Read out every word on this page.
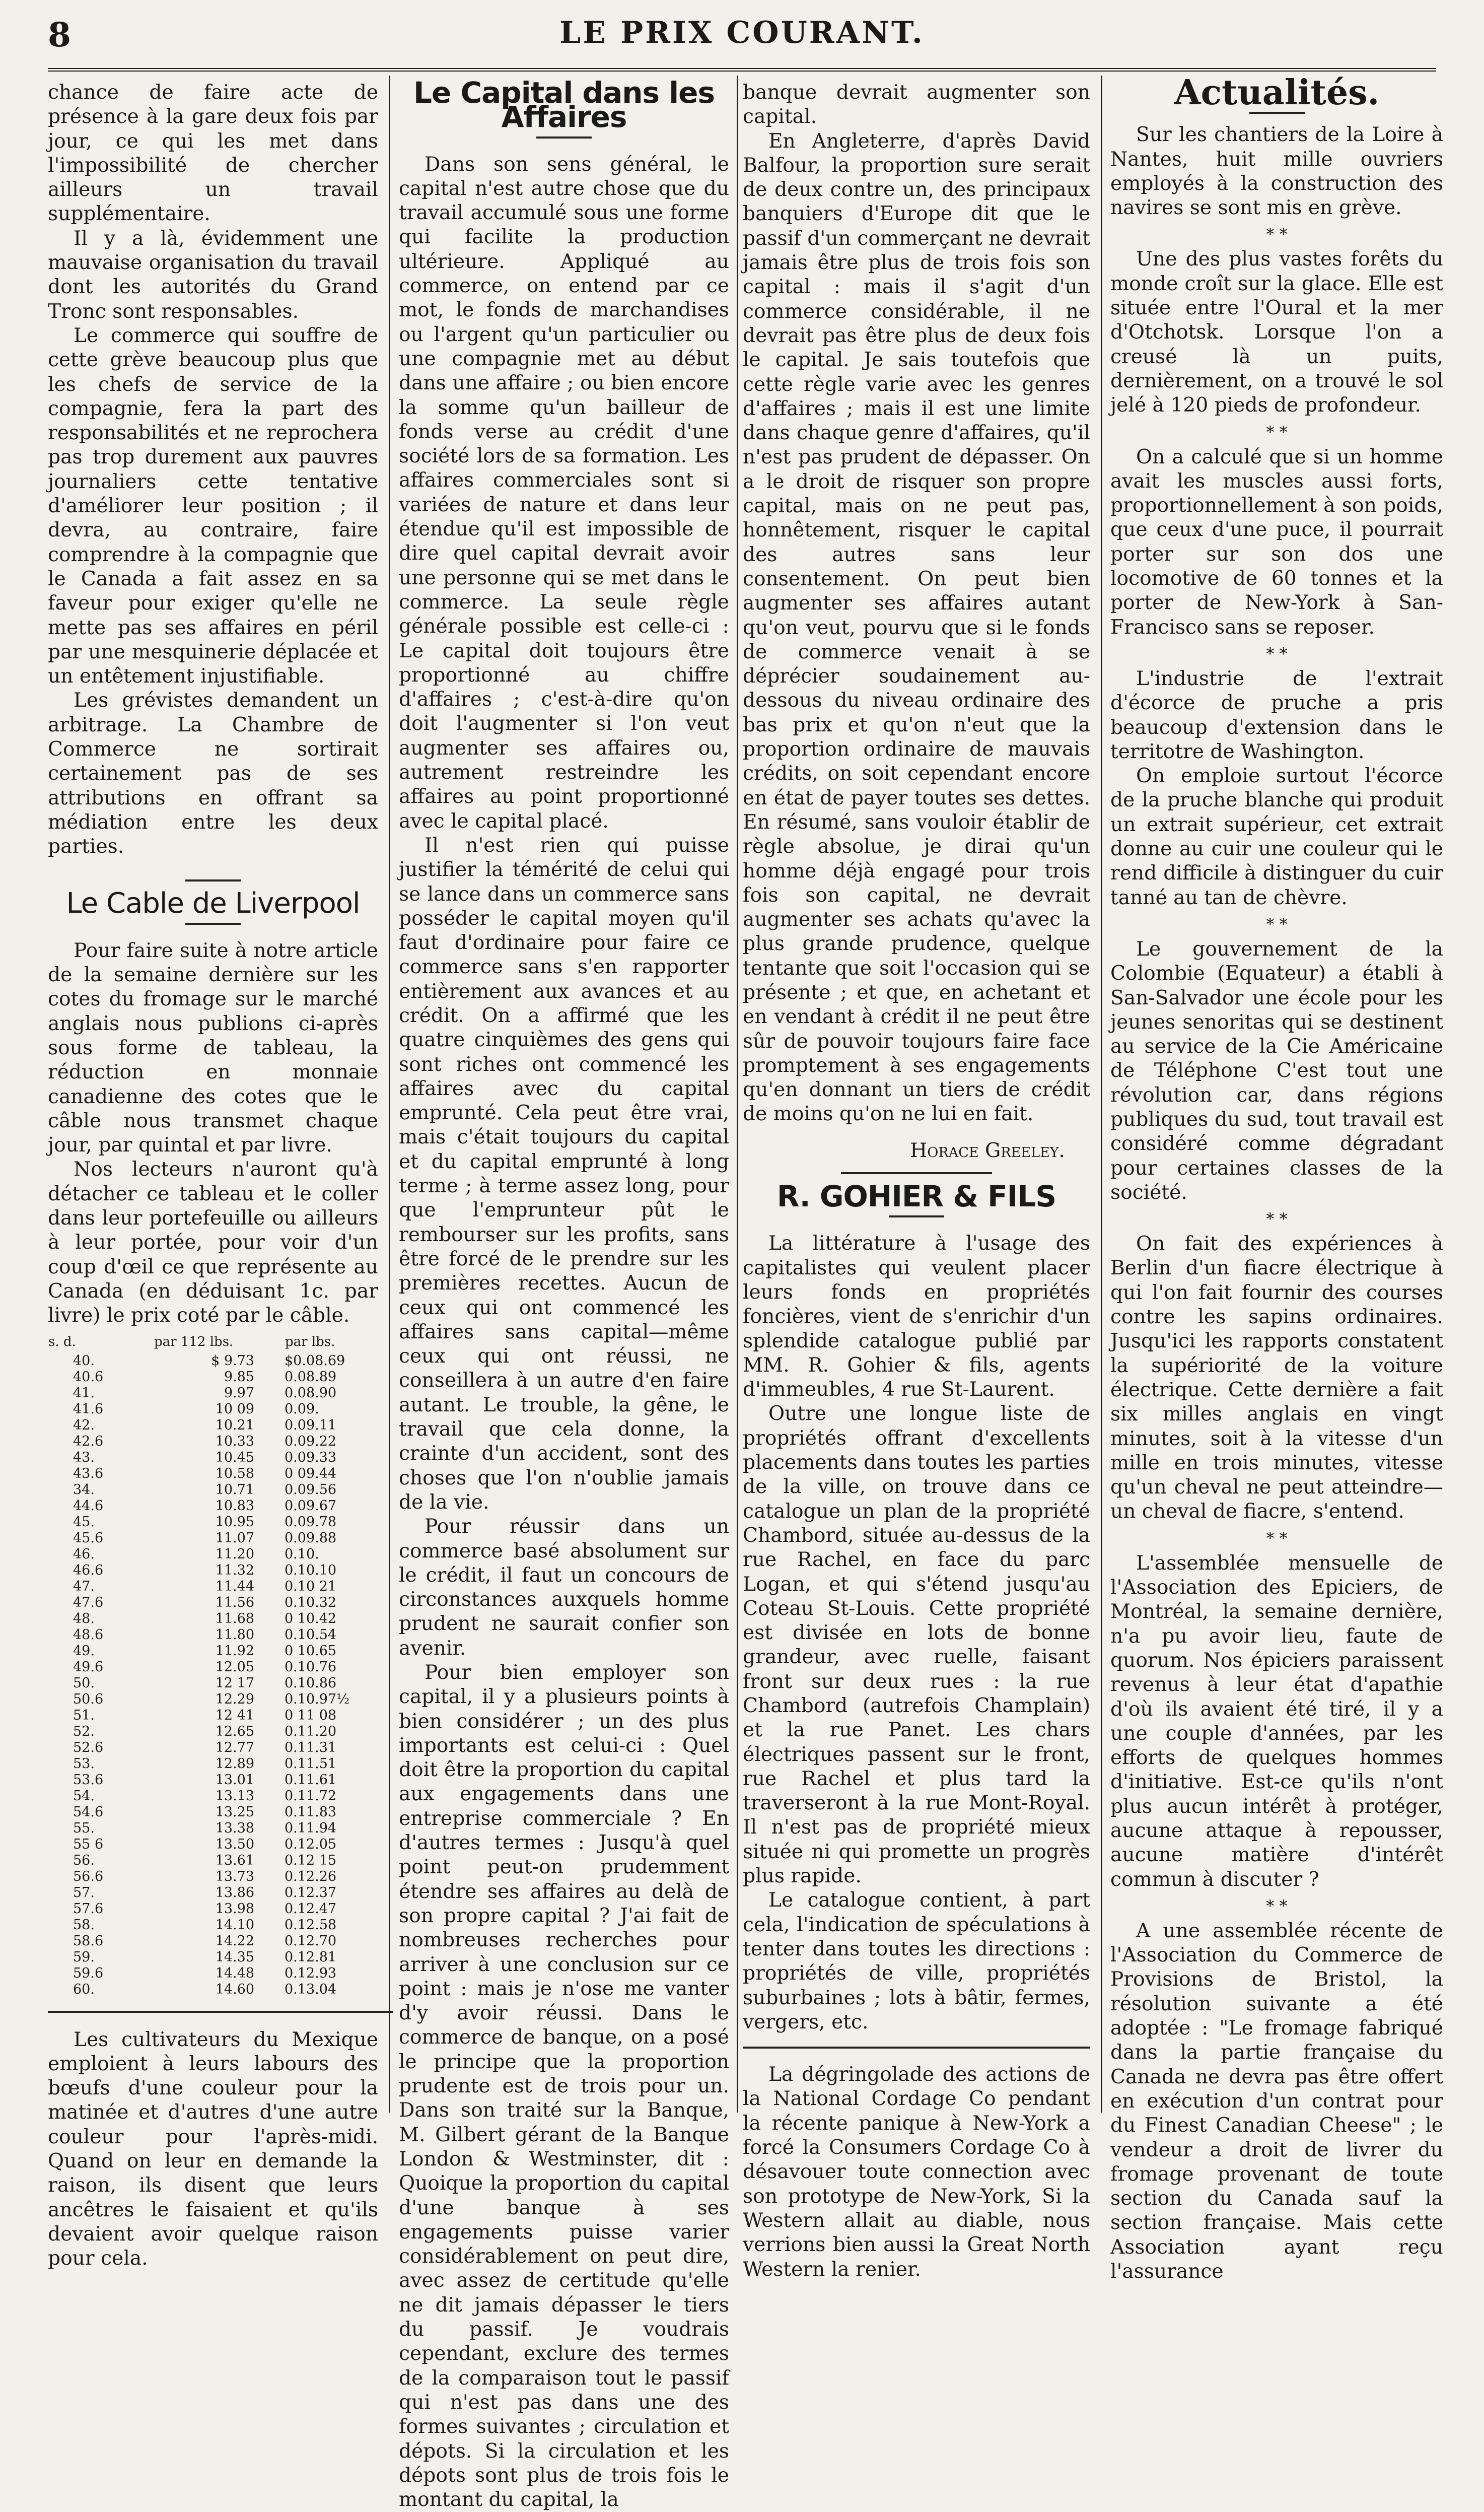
8	LE PRIX COURANT.

chance de faire acte de présence à la gare deux fois par jour, ce qui les met dans l'impossibilité de chercher ailleurs un travail supplémentaire.

Il y a là, évidemment une mauvaise organisation du travail dont les autorités du Grand Tronc sont responsables.

Le commerce qui souffre de cette grève beaucoup plus que les chefs de service de la compagnie, fera la part des responsabilités et ne reprochera pas trop durement aux pauvres journaliers cette tentative d'améliorer leur position ; il devra, au contraire, faire comprendre à la compagnie que le Canada a fait assez en sa faveur pour exiger qu'elle ne mette pas ses affaires en péril par une mesquinerie déplacée et un entêtement injustifiable.

Les grévistes demandent un arbitrage. La Chambre de Commerce ne sortirait certainement pas de ses attributions en offrant sa médiation entre les deux parties.

Le Cable de Liverpool

Pour faire suite à notre article de la semaine dernière sur les cotes du fromage sur le marché anglais nous publions ci-après sous forme de tableau, la réduction en monnaie canadienne des cotes que le câble nous transmet chaque jour, par quintal et par livre.

Nos lecteurs n'auront qu'à détacher ce tableau et le coller dans leur portefeuille ou ailleurs à leur portée, pour voir d'un coup d'œil ce que représente au Canada (en déduisant 1c. par livre) le prix coté par le câble.

s. d.	par 112 lbs.	par lbs.
40.	$ 9.73	$0.08.69
40.6	9.85	0.08.89
41.	9.97	0.08.90
41.6	10 09	0.09.
42.	10.21	0.09.11
42.6	10.33	0.09.22
43.	10.45	0.09.33
43.6	10.58	0 09.44
34.	10.71	0.09.56
44.6	10.83	0.09.67
45.	10.95	0.09.78
45.6	11.07	0.09.88
46.	11.20	0.10.
46.6	11.32	0.10.10
47.	11.44	0.10 21
47.6	11.56	0.10.32
48.	11.68	0 10.42
48.6	11.80	0.10.54
49.	11.92	0 10.65
49.6	12.05	0.10.76
50.	12 17	0.10.86
50.6	12.29	0.10.97½
51.	12 41	0 11 08
52.	12.65	0.11.20
52.6	12.77	0.11.31
53.	12.89	0.11.51
53.6	13.01	0.11.61
54.	13.13	0.11.72
54.6	13.25	0.11.83
55.	13.38	0.11.94
55 6	13.50	0.12.05
56.	13.61	0.12 15
56.6	13.73	0.12.26
57.	13.86	0.12.37
57.6	13.98	0.12.47
58.	14.10	0.12.58
58.6	14.22	0.12.70
59.	14.35	0.12.81
59.6	14.48	0.12.93
60.	14.60	0.13.04

Les cultivateurs du Mexique emploient à leurs labours des bœufs d'une couleur pour la matinée et d'autres d'une autre couleur pour l'après-midi. Quand on leur en demande la raison, ils disent que leurs ancêtres le faisaient et qu'ils devaient avoir quelque raison pour cela.

Le Capital dans les Affaires

Dans son sens général, le capital n'est autre chose que du travail accumulé sous une forme qui facilite la production ultérieure. Appliqué au commerce, on entend par ce mot, le fonds de marchandises ou l'argent qu'un particulier ou une compagnie met au début dans une affaire ; ou bien encore la somme qu'un bailleur de fonds verse au crédit d'une société lors de sa formation. Les affaires commerciales sont si variées de nature et dans leur étendue qu'il est impossible de dire quel capital devrait avoir une personne qui se met dans le commerce. La seule règle générale possible est celle-ci : Le capital doit toujours être proportionné au chiffre d'affaires ; c'est-à-dire qu'on doit l'augmenter si l'on veut augmenter ses affaires ou, autrement restreindre les affaires au point proportionné avec le capital placé.

Il n'est rien qui puisse justifier la témérité de celui qui se lance dans un commerce sans posséder le capital moyen qu'il faut d'ordinaire pour faire ce commerce sans s'en rapporter entièrement aux avances et au crédit. On a affirmé que les quatre cinquièmes des gens qui sont riches ont commencé les affaires avec du capital emprunté. Cela peut être vrai, mais c'était toujours du capital et du capital emprunté à long terme ; à terme assez long, pour que l'emprunteur pût le rembourser sur les profits, sans être forcé de le prendre sur les premières recettes. Aucun de ceux qui ont commencé les affaires sans capital—même ceux qui ont réussi, ne conseillera à un autre d'en faire autant. Le trouble, la gêne, le travail que cela donne, la crainte d'un accident, sont des choses que l'on n'oublie jamais de la vie.

Pour réussir dans un commerce basé absolument sur le crédit, il faut un concours de circonstances auxquels homme prudent ne saurait confier son avenir.

Pour bien employer son capital, il y a plusieurs points à bien considérer ; un des plus importants est celui-ci : Quel doit être la proportion du capital aux engagements dans une entreprise commerciale ? En d'autres termes : Jusqu'à quel point peut-on prudemment étendre ses affaires au delà de son propre capital ? J'ai fait de nombreuses recherches pour arriver à une conclusion sur ce point : mais je n'ose me vanter d'y avoir réussi. Dans le commerce de banque, on a posé le principe que la proportion prudente est de trois pour un. Dans son traité sur la Banque, M. Gilbert gérant de la Banque London & Westminster, dit : Quoique la proportion du capital d'une banque à ses engagements puisse varier considérablement on peut dire, avec assez de certitude qu'elle ne dit jamais dépasser le tiers du passif. Je voudrais cependant, exclure des termes de la comparaison tout le passif qui n'est pas dans une des formes suivantes ; circulation et dépots. Si la circulation et les dépots sont plus de trois fois le montant du capital, la

banque devrait augmenter son capital.

En Angleterre, d'après David Balfour, la proportion sure serait de deux contre un, des principaux banquiers d'Europe dit que le passif d'un commerçant ne devrait jamais être plus de trois fois son capital : mais il s'agit d'un commerce considérable, il ne devrait pas être plus de deux fois le capital. Je sais toutefois que cette règle varie avec les genres d'affaires ; mais il est une limite dans chaque genre d'affaires, qu'il n'est pas prudent de dépasser. On a le droit de risquer son propre capital, mais on ne peut pas, honnêtement, risquer le capital des autres sans leur consentement. On peut bien augmenter ses affaires autant qu'on veut, pourvu que si le fonds de commerce venait à se déprécier soudainement au-dessous du niveau ordinaire des bas prix et qu'on n'eut que la proportion ordinaire de mauvais crédits, on soit cependant encore en état de payer toutes ses dettes. En résumé, sans vouloir établir de règle absolue, je dirai qu'un homme déjà engagé pour trois fois son capital, ne devrait augmenter ses achats qu'avec la plus grande prudence, quelque tentante que soit l'occasion qui se présente ; et que, en achetant et en vendant à crédit il ne peut être sûr de pouvoir toujours faire face promptement à ses engagements qu'en donnant un tiers de crédit de moins qu'on ne lui en fait.

Horace Greeley.
R. GOHIER & FILS

La littérature à l'usage des capitalistes qui veulent placer leurs fonds en propriétés foncières, vient de s'enrichir d'un splendide catalogue publié par MM. R. Gohier & fils, agents d'immeubles, 4 rue St-Laurent.

Outre une longue liste de propriétés offrant d'excellents placements dans toutes les parties de la ville, on trouve dans ce catalogue un plan de la propriété Chambord, située au-dessus de la rue Rachel, en face du parc Logan, et qui s'étend jusqu'au Coteau St-Louis. Cette propriété est divisée en lots de bonne grandeur, avec ruelle, faisant front sur deux rues : la rue Chambord (autrefois Champlain) et la rue Panet. Les chars électriques passent sur le front, rue Rachel et plus tard la traverseront à la rue Mont-Royal. Il n'est pas de propriété mieux située ni qui promette un progrès plus rapide.

Le catalogue contient, à part cela, l'indication de spéculations à tenter dans toutes les directions : propriétés de ville, propriétés suburbaines ; lots à bâtir, fermes, vergers, etc.

La dégringolade des actions de la National Cordage Co pendant la récente panique à New-York a forcé la Consumers Cordage Co à désavouer toute connection avec son prototype de New-York, Si la Western allait au diable, nous verrions bien aussi la Great North Western la renier.

Actualités.

Sur les chantiers de la Loire à Nantes, huit mille ouvriers employés à la construction des navires se sont mis en grève.

* *

Une des plus vastes forêts du monde croît sur la glace. Elle est située entre l'Oural et la mer d'Otchotsk. Lorsque l'on a creusé là un puits, dernièrement, on a trouvé le sol jelé à 120 pieds de profondeur.

* *

On a calculé que si un homme avait les muscles aussi forts, proportionnellement à son poids, que ceux d'une puce, il pourrait porter sur son dos une locomotive de 60 tonnes et la porter de New-York à San-Francisco sans se reposer.

* *

L'industrie de l'extrait d'écorce de pruche a pris beaucoup d'extension dans le territotre de Washington.

On emploie surtout l'écorce de la pruche blanche qui produit un extrait supérieur, cet extrait donne au cuir une couleur qui le rend difficile à distinguer du cuir tanné au tan de chèvre.

* *

Le gouvernement de la Colombie (Equateur) a établi à San-Salvador une école pour les jeunes senoritas qui se destinent au service de la Cie Américaine de Téléphone C'est tout une révolution car, dans régions publiques du sud, tout travail est considéré comme dégradant pour certaines classes de la société.

* *

On fait des expériences à Berlin d'un fiacre électrique à qui l'on fait fournir des courses contre les sapins ordinaires. Jusqu'ici les rapports constatent la supériorité de la voiture électrique. Cette dernière a fait six milles anglais en vingt minutes, soit à la vitesse d'un mille en trois minutes, vitesse qu'un cheval ne peut atteindre—un cheval de fiacre, s'entend.

* *

L'assemblée mensuelle de l'Association des Epiciers, de Montréal, la semaine dernière, n'a pu avoir lieu, faute de quorum. Nos épiciers paraissent revenus à leur état d'apathie d'où ils avaient été tiré, il y a une couple d'années, par les efforts de quelques hommes d'initiative. Est-ce qu'ils n'ont plus aucun intérêt à protéger, aucune attaque à repousser, aucune matière d'intérêt commun à discuter ?

* *

A une assemblée récente de l'Association du Commerce de Provisions de Bristol, la résolution suivante a été adoptée : "Le fromage fabriqué dans la partie française du Canada ne devra pas être offert en exécution d'un contrat pour du Finest Canadian Cheese" ; le vendeur a droit de livrer du fromage provenant de toute section du Canada sauf la section française. Mais cette Association ayant reçu l'assurance
